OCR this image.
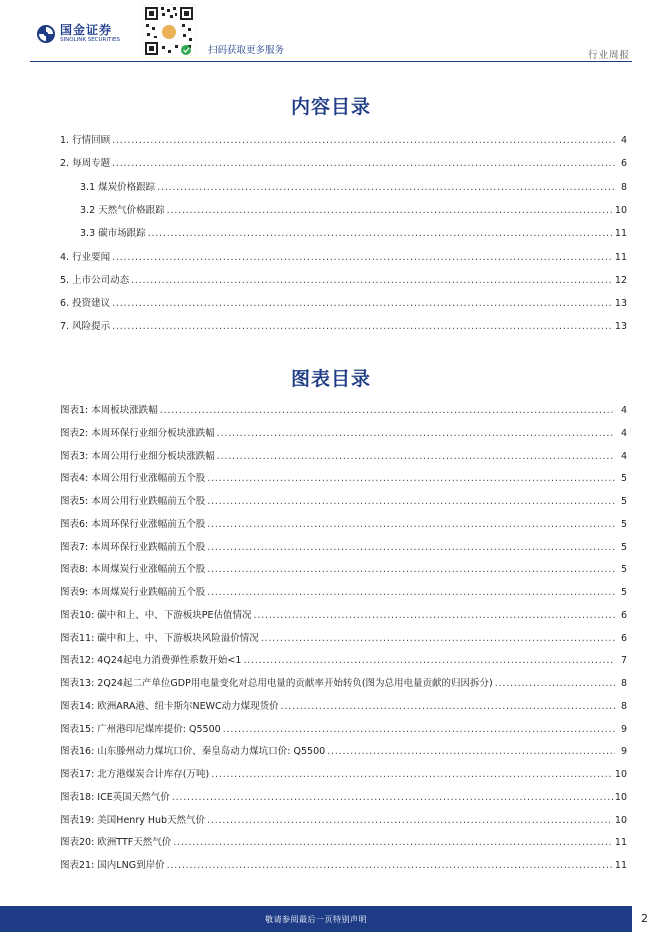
国金证券
SINOLINK SECURITIES
扫码获取更多服务	行业周报
内容目录
1. 行情回顾 .....	4
2. 每周专题 .....	6
3.1 煤炭价格跟踪 .....	8
3.2 天然气价格跟踪 .....	10
3.3 碳市场跟踪 .....	11
4. 行业要闻 .....	11
5. 上市公司动态 .....	12
6. 投资建议 .....	13
7. 风险提示 .....	13
图表目录
图表1: 本周板块涨跌幅 .....	4
图表2: 本周环保行业细分板块涨跌幅 .....	4
图表3: 本周公用行业细分板块涨跌幅 .....	4
图表4: 本周公用行业涨幅前五个股 .....	5
图表5: 本周公用行业跌幅前五个股 .....	5
图表6: 本周环保行业涨幅前五个股 .....	5
图表7: 本周环保行业跌幅前五个股 .....	5
图表8: 本周煤炭行业涨幅前五个股 .....	5
图表9: 本周煤炭行业跌幅前五个股 .....	5
图表10: 碳中和上、中、下游板块PE估值情况 .....	6
图表11: 碳中和上、中、下游板块风险溢价情况 .....	6
图表12: 4Q24起电力消费弹性系数开始<1 .....	7
图表13: 2Q24起二产单位GDP用电量变化对总用电量的贡献率开始转负(图为总用电量贡献的归因拆分) .....	8
图表14: 欧洲ARA港、纽卡斯尔NEWC动力煤现货价 .....	8
图表15: 广州港印尼煤库提价: Q5500 .....	9
图表16: 山东滕州动力煤坑口价、秦皇岛动力煤坑口价: Q5500 .....	9
图表17: 北方港煤炭合计库存(万吨) .....	10
图表18: ICE英国天然气价 .....	10
图表19: 美国Henry Hub天然气价 .....	10
图表20: 欧洲TTF天然气价 .....	11
图表21: 国内LNG到岸价 .....	11
敬请参阅最后一页特别声明	2
